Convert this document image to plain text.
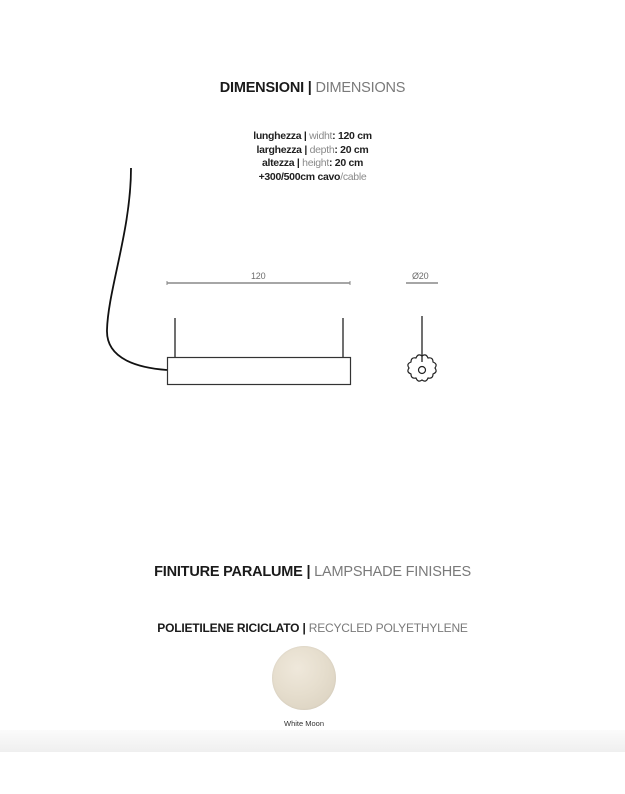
DIMENSIONI | DIMENSIONS
lunghezza | widht: 120 cm
larghezza | depth: 20 cm
altezza | height: 20 cm
+300/500cm cavo/cable
120	Ø20
FINITURE PARALUME | LAMPSHADE FINISHES
POLIETILENE RICICLATO | RECYCLED POLYETHYLENE
White Moon
